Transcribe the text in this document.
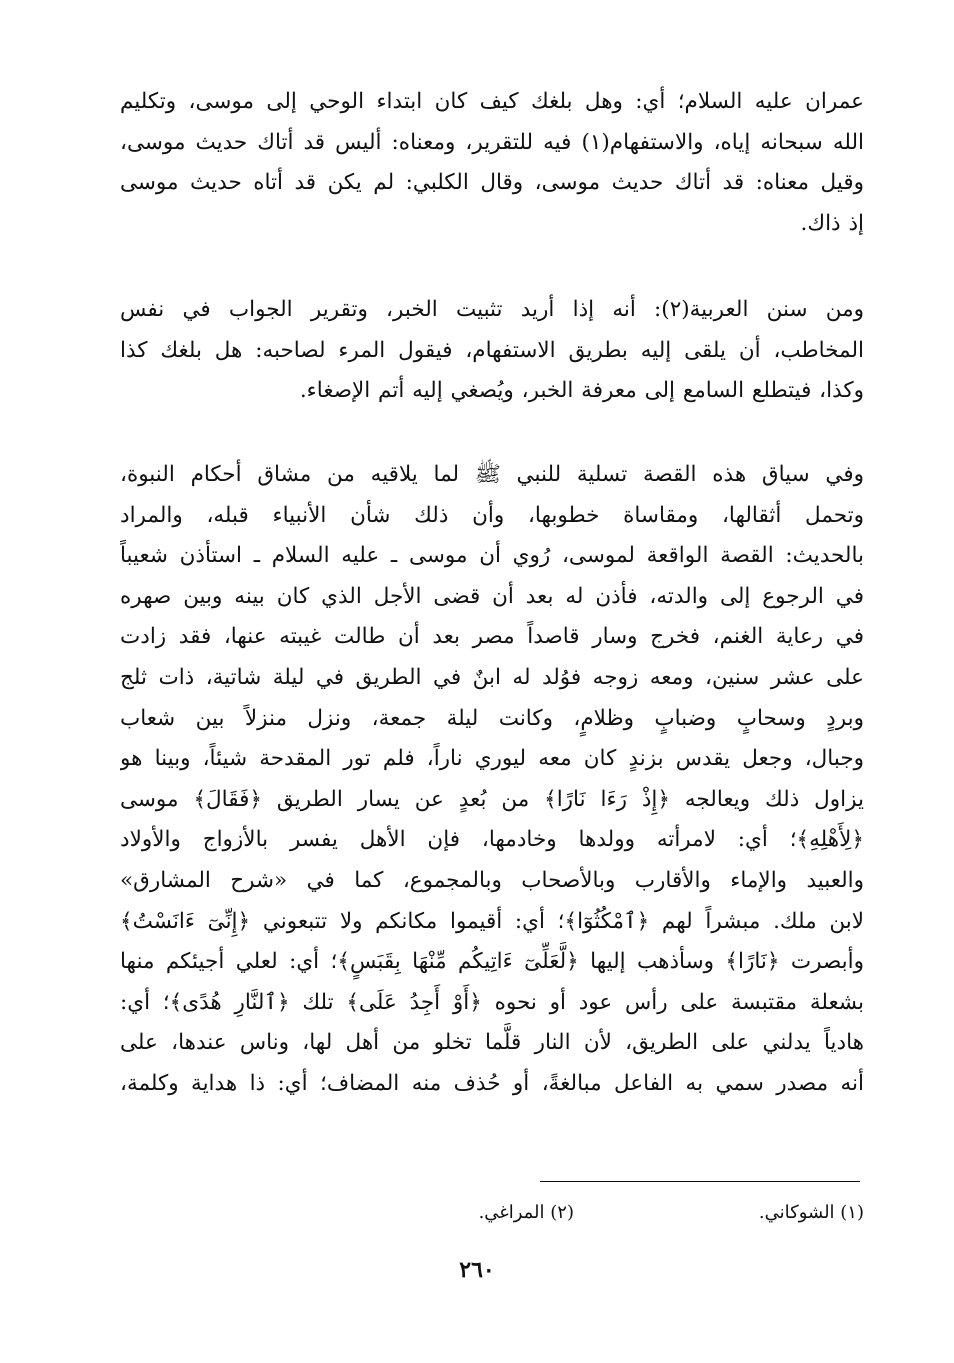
عمران عليه السلام؛ أي: وهل بلغك كيف كان ابتداء الوحي إلى موسى، وتكليم
الله سبحانه إياه، والاستفهام(١) فيه للتقرير، ومعناه: أليس قد أتاك حديث موسى،
وقيل معناه: قد أتاك حديث موسى، وقال الكلبي: لم يكن قد أتاه حديث موسى
إذ ذاك.
ومن سنن العربية(٢): أنه إذا أريد تثبيت الخبر، وتقرير الجواب في نفس
المخاطب، أن يلقى إليه بطريق الاستفهام، فيقول المرء لصاحبه: هل بلغك كذا
وكذا، فيتطلع السامع إلى معرفة الخبر، ويُصغي إليه أتم الإصغاء.
وفي سياق هذه القصة تسلية للنبي ﷺ لما يلاقيه من مشاق أحكام النبوة،
وتحمل أثقالها، ومقاساة خطوبها، وأن ذلك شأن الأنبياء قبله، والمراد
بالحديث: القصة الواقعة لموسى، رُوي أن موسى ـ عليه السلام ـ استأذن شعيباً
في الرجوع إلى والدته، فأذن له بعد أن قضى الأجل الذي كان بينه وبين صهره
في رعاية الغنم، فخرج وسار قاصداً مصر بعد أن طالت غيبته عنها، فقد زادت
على عشر سنين، ومعه زوجه فوُلد له ابنٌ في الطريق في ليلة شاتية، ذات ثلج
وبردٍ وسحابٍ وضبابٍ وظلامٍ، وكانت ليلة جمعة، ونزل منزلاً بين شعاب
وجبال، وجعل يقدس بزندٍ كان معه ليوري ناراً، فلم تور المقدحة شيئاً، وبينا هو
يزاول ذلك ويعالجه ﴿إِذْ رَءَا نَارًا﴾ من بُعدٍ عن يسار الطريق ﴿فَقَالَ﴾ موسى
﴿لِأَهْلِهِ﴾؛ أي: لامرأته وولدها وخادمها، فإن الأهل يفسر بالأزواج والأولاد
والعبيد والإماء والأقارب وبالأصحاب وبالمجموع، كما في «شرح المشارق»
لابن ملك. مبشراً لهم ﴿ٱمْكُثُوٓا﴾؛ أي: أقيموا مكانكم ولا تتبعوني ﴿إِنِّىٓ ءَانَسْتُ﴾
وأبصرت ﴿نَارًا﴾ وسأذهب إليها ﴿لَّعَلِّىٓ ءَاتِيكُم مِّنْهَا بِقَبَسٍ﴾؛ أي: لعلي أجيئكم منها
بشعلة مقتبسة على رأس عود أو نحوه ﴿أَوْ أَجِدُ عَلَى﴾ تلك ﴿ٱلنَّارِ هُدًى﴾؛ أي:
هادياً يدلني على الطريق، لأن النار قلَّما تخلو من أهل لها، وناس عندها، على
أنه مصدر سمي به الفاعل مبالغةً، أو حُذف منه المضاف؛ أي: ذا هداية وكلمة،
(١) الشوكاني.
(٢) المراغي.
٢٦٠
